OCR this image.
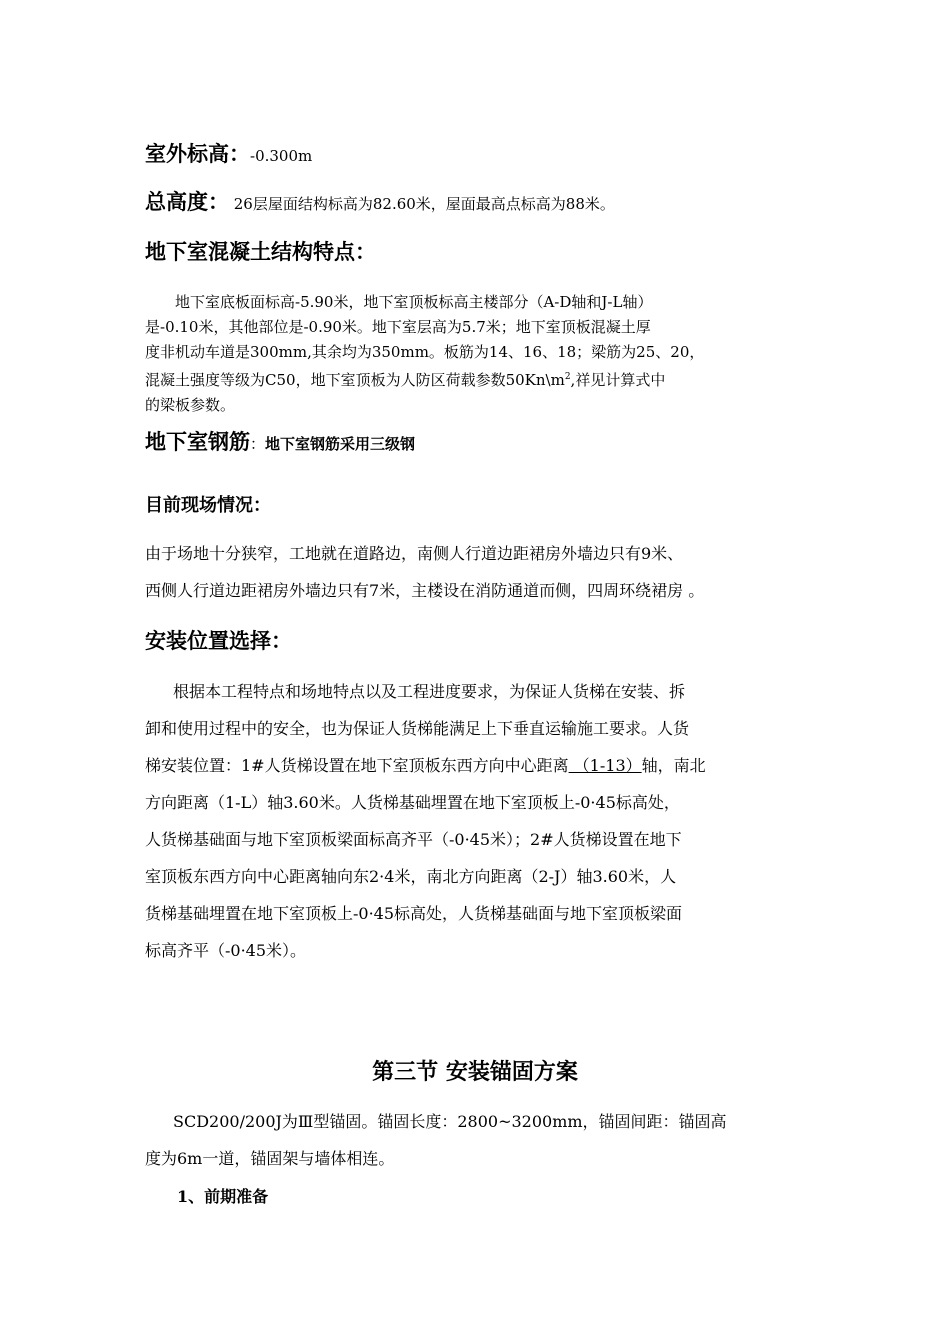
室外标高：-0.300m
总高度： 26层屋面结构标高为82.60米，屋面最高点标高为88米。
地下室混凝土结构特点：
地下室底板面标高-5.90米，地下室顶板标高主楼部分（A-D轴和J-L轴）
是-0.10米，其他部位是-0.90米。地下室层高为5.7米；地下室顶板混凝土厚
度非机动车道是300mm,其余均为350mm。板筋为14、16、18；梁筋为25、20，
混凝土强度等级为C50，地下室顶板为人防区荷载参数$50Kn\backslash m^2$,祥见计算式中
的梁板参数。
地下室钢筋：地下室钢筋采用三级钢
目前现场情况：
由于场地十分狭窄，工地就在道路边，南侧人行道边距裙房外墙边只有9米、
西侧人行道边距裙房外墙边只有7米，主楼设在消防通道而侧，四周环绕裙房 。
安装位置选择：
根据本工程特点和场地特点以及工程进度要求，为保证人货梯在安装、拆
卸和使用过程中的安全，也为保证人货梯能满足上下垂直运输施工要求。人货
梯安装位置：1#人货梯设置在地下室顶板东西方向中心距离 （1-13）轴，南北
方向距离（1-L）轴3.60米。人货梯基础埋置在地下室顶板上-0·45标高处，
人货梯基础面与地下室顶板梁面标高齐平（-0·45米）；2#人货梯设置在地下
室顶板东西方向中心距离轴向东2·4米，南北方向距离（2-J）轴3.60米，人
货梯基础埋置在地下室顶板上-0·45标高处，人货梯基础面与地下室顶板梁面
标高齐平（-0·45米）。
第三节 安装锚固方案
SCD200/200J为Ⅲ型锚固。锚固长度：2800~3200mm，锚固间距：锚固高
度为6m一道，锚固架与墙体相连。
1、前期准备
